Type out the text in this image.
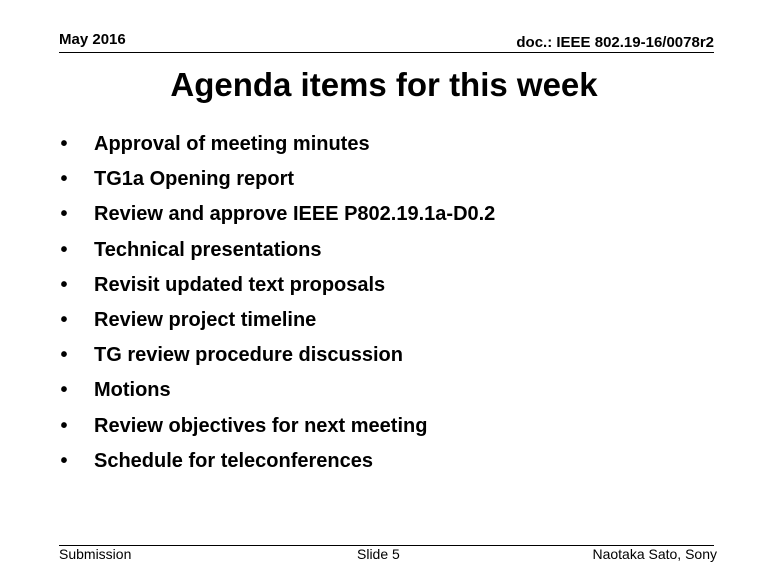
May 2016	doc.: IEEE 802.19-16/0078r2
Agenda items for this week
• Approval of meeting minutes
• TG1a Opening report
• Review and approve IEEE P802.19.1a-D0.2
• Technical presentations
• Revisit updated text proposals
• Review project timeline
• TG review procedure discussion
• Motions
• Review objectives for next meeting
• Schedule for teleconferences
Submission	Slide 5	Naotaka Sato, Sony
